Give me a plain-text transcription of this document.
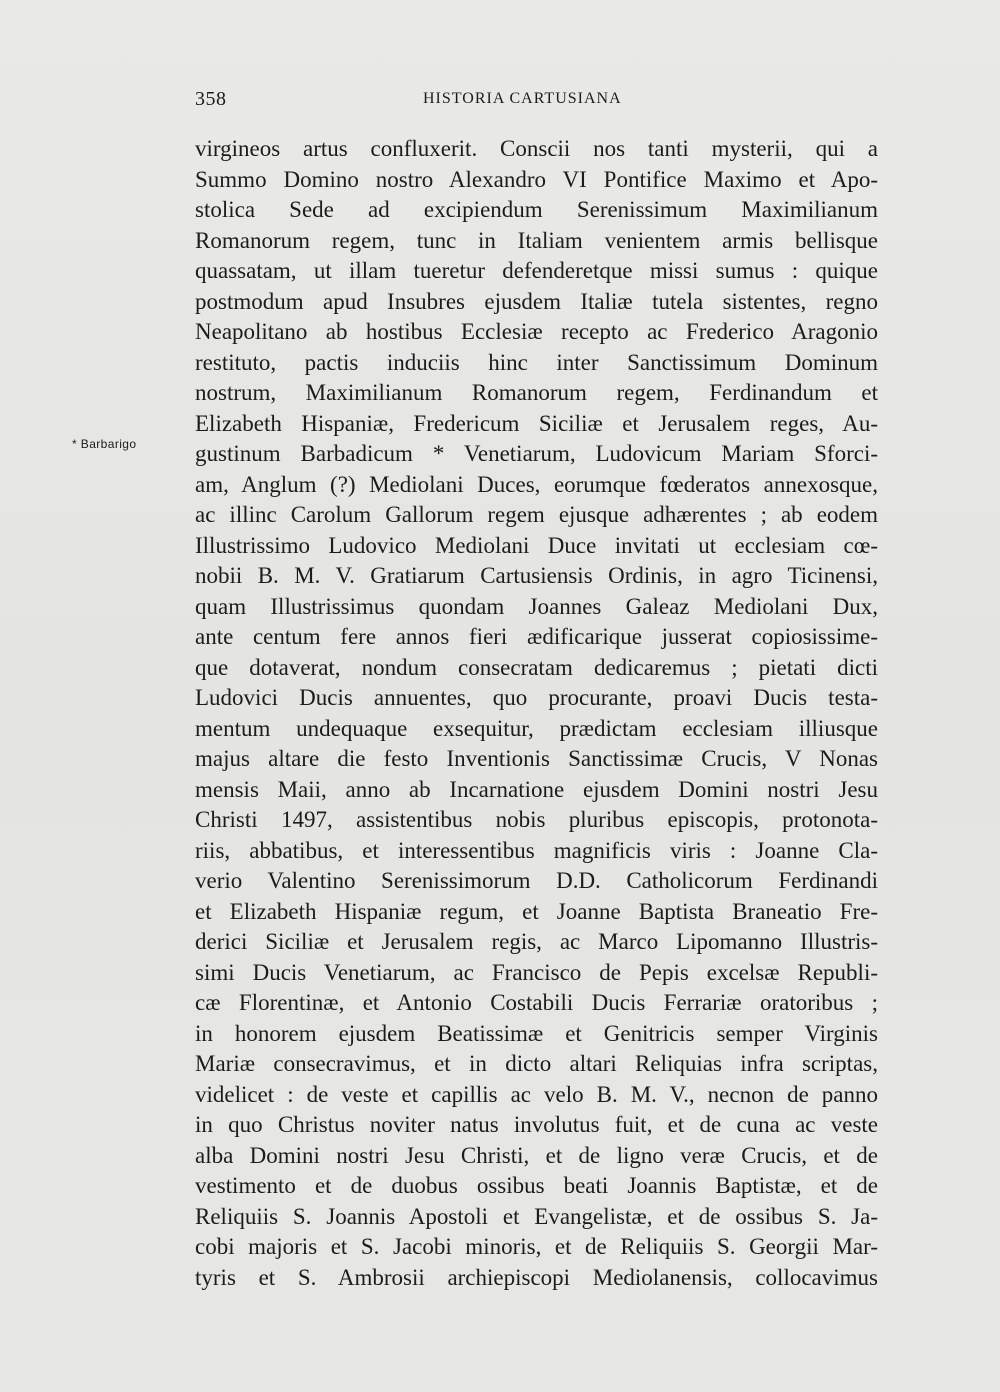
358	HISTORIA CARTUSIANA
* Barbarigo
virgineos artus confluxerit. Conscii nos tanti mysterii, qui a
Summo Domino nostro Alexandro VI Pontifice Maximo et Apo-
stolica Sede ad excipiendum Serenissimum Maximilianum
Romanorum regem, tunc in Italiam venientem armis bellisque
quassatam, ut illam tueretur defenderetque missi sumus : quique
postmodum apud Insubres ejusdem Italiæ tutela sistentes, regno
Neapolitano ab hostibus Ecclesiæ recepto ac Frederico Aragonio
restituto, pactis induciis hinc inter Sanctissimum Dominum
nostrum, Maximilianum Romanorum regem, Ferdinandum et
Elizabeth Hispaniæ, Fredericum Siciliæ et Jerusalem reges, Au-
gustinum Barbadicum * Venetiarum, Ludovicum Mariam Sforci-
am, Anglum (?) Mediolani Duces, eorumque fœderatos annexosque,
ac illinc Carolum Gallorum regem ejusque adhærentes ; ab eodem
Illustrissimo Ludovico Mediolani Duce invitati ut ecclesiam cœ-
nobii B. M. V. Gratiarum Cartusiensis Ordinis, in agro Ticinensi,
quam Illustrissimus quondam Joannes Galeaz Mediolani Dux,
ante centum fere annos fieri ædificarique jusserat copiosissime-
que dotaverat, nondum consecratam dedicaremus ; pietati dicti
Ludovici Ducis annuentes, quo procurante, proavi Ducis testa-
mentum undequaque exsequitur, prædictam ecclesiam illiusque
majus altare die festo Inventionis Sanctissimæ Crucis, V Nonas
mensis Maii, anno ab Incarnatione ejusdem Domini nostri Jesu
Christi 1497, assistentibus nobis pluribus episcopis, protonota-
riis, abbatibus, et interessentibus magnificis viris : Joanne Cla-
verio Valentino Serenissimorum D.D. Catholicorum Ferdinandi
et Elizabeth Hispaniæ regum, et Joanne Baptista Braneatio Fre-
derici Siciliæ et Jerusalem regis, ac Marco Lipomanno Illustris-
simi Ducis Venetiarum, ac Francisco de Pepis excelsæ Republi-
cæ Florentinæ, et Antonio Costabili Ducis Ferrariæ oratoribus ;
in honorem ejusdem Beatissimæ et Genitricis semper Virginis
Mariæ consecravimus, et in dicto altari Reliquias infra scriptas,
videlicet : de veste et capillis ac velo B. M. V., necnon de panno
in quo Christus noviter natus involutus fuit, et de cuna ac veste
alba Domini nostri Jesu Christi, et de ligno veræ Crucis, et de
vestimento et de duobus ossibus beati Joannis Baptistæ, et de
Reliquiis S. Joannis Apostoli et Evangelistæ, et de ossibus S. Ja-
cobi majoris et S. Jacobi minoris, et de Reliquiis S. Georgii Mar-
tyris et S. Ambrosii archiepiscopi Mediolanensis, collocavimus
